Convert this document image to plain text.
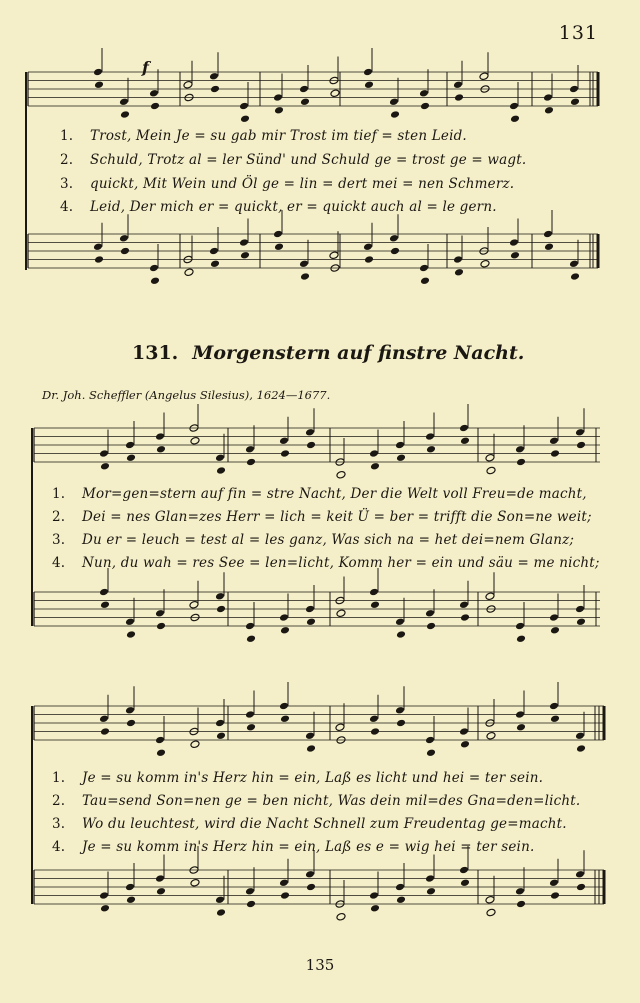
131
f
1. Trost, Mein Je = su gab mir Trost im tief = sten Leid.
2. Schuld, Trotz al = ler Sünd' und Schuld ge = trost ge = wagt.
3. quickt, Mit Wein und Öl ge = lin = dert mei = nen Schmerz.
4. Leid, Der mich er = quickt, er = quickt auch al = le gern.
131. Morgenstern auf finstre Nacht.
Dr. Joh. Scheffler (Angelus Silesius), 1624—1677.
1. Mor=gen=stern auf fin = stre Nacht, Der die Welt voll Freu=de macht,
2. Dei = nes Glan=zes Herr = lich = keit Ü = ber = trifft die Son=ne weit;
3. Du er = leuch = test al = les ganz, Was sich na = het dei=nem Glanz;
4. Nun, du wah = res See = len=licht, Komm her = ein und säu = me nicht;
1. Je = su komm in's Herz hin = ein, Laß es licht und hei = ter sein.
2. Tau=send Son=nen ge = ben nicht, Was dein mil=des Gna=den=licht.
3. Wo du leuchtest, wird die Nacht Schnell zum Freudentag ge=macht.
4. Je = su komm in's Herz hin = ein, Laß es e = wig hei = ter sein.
135
